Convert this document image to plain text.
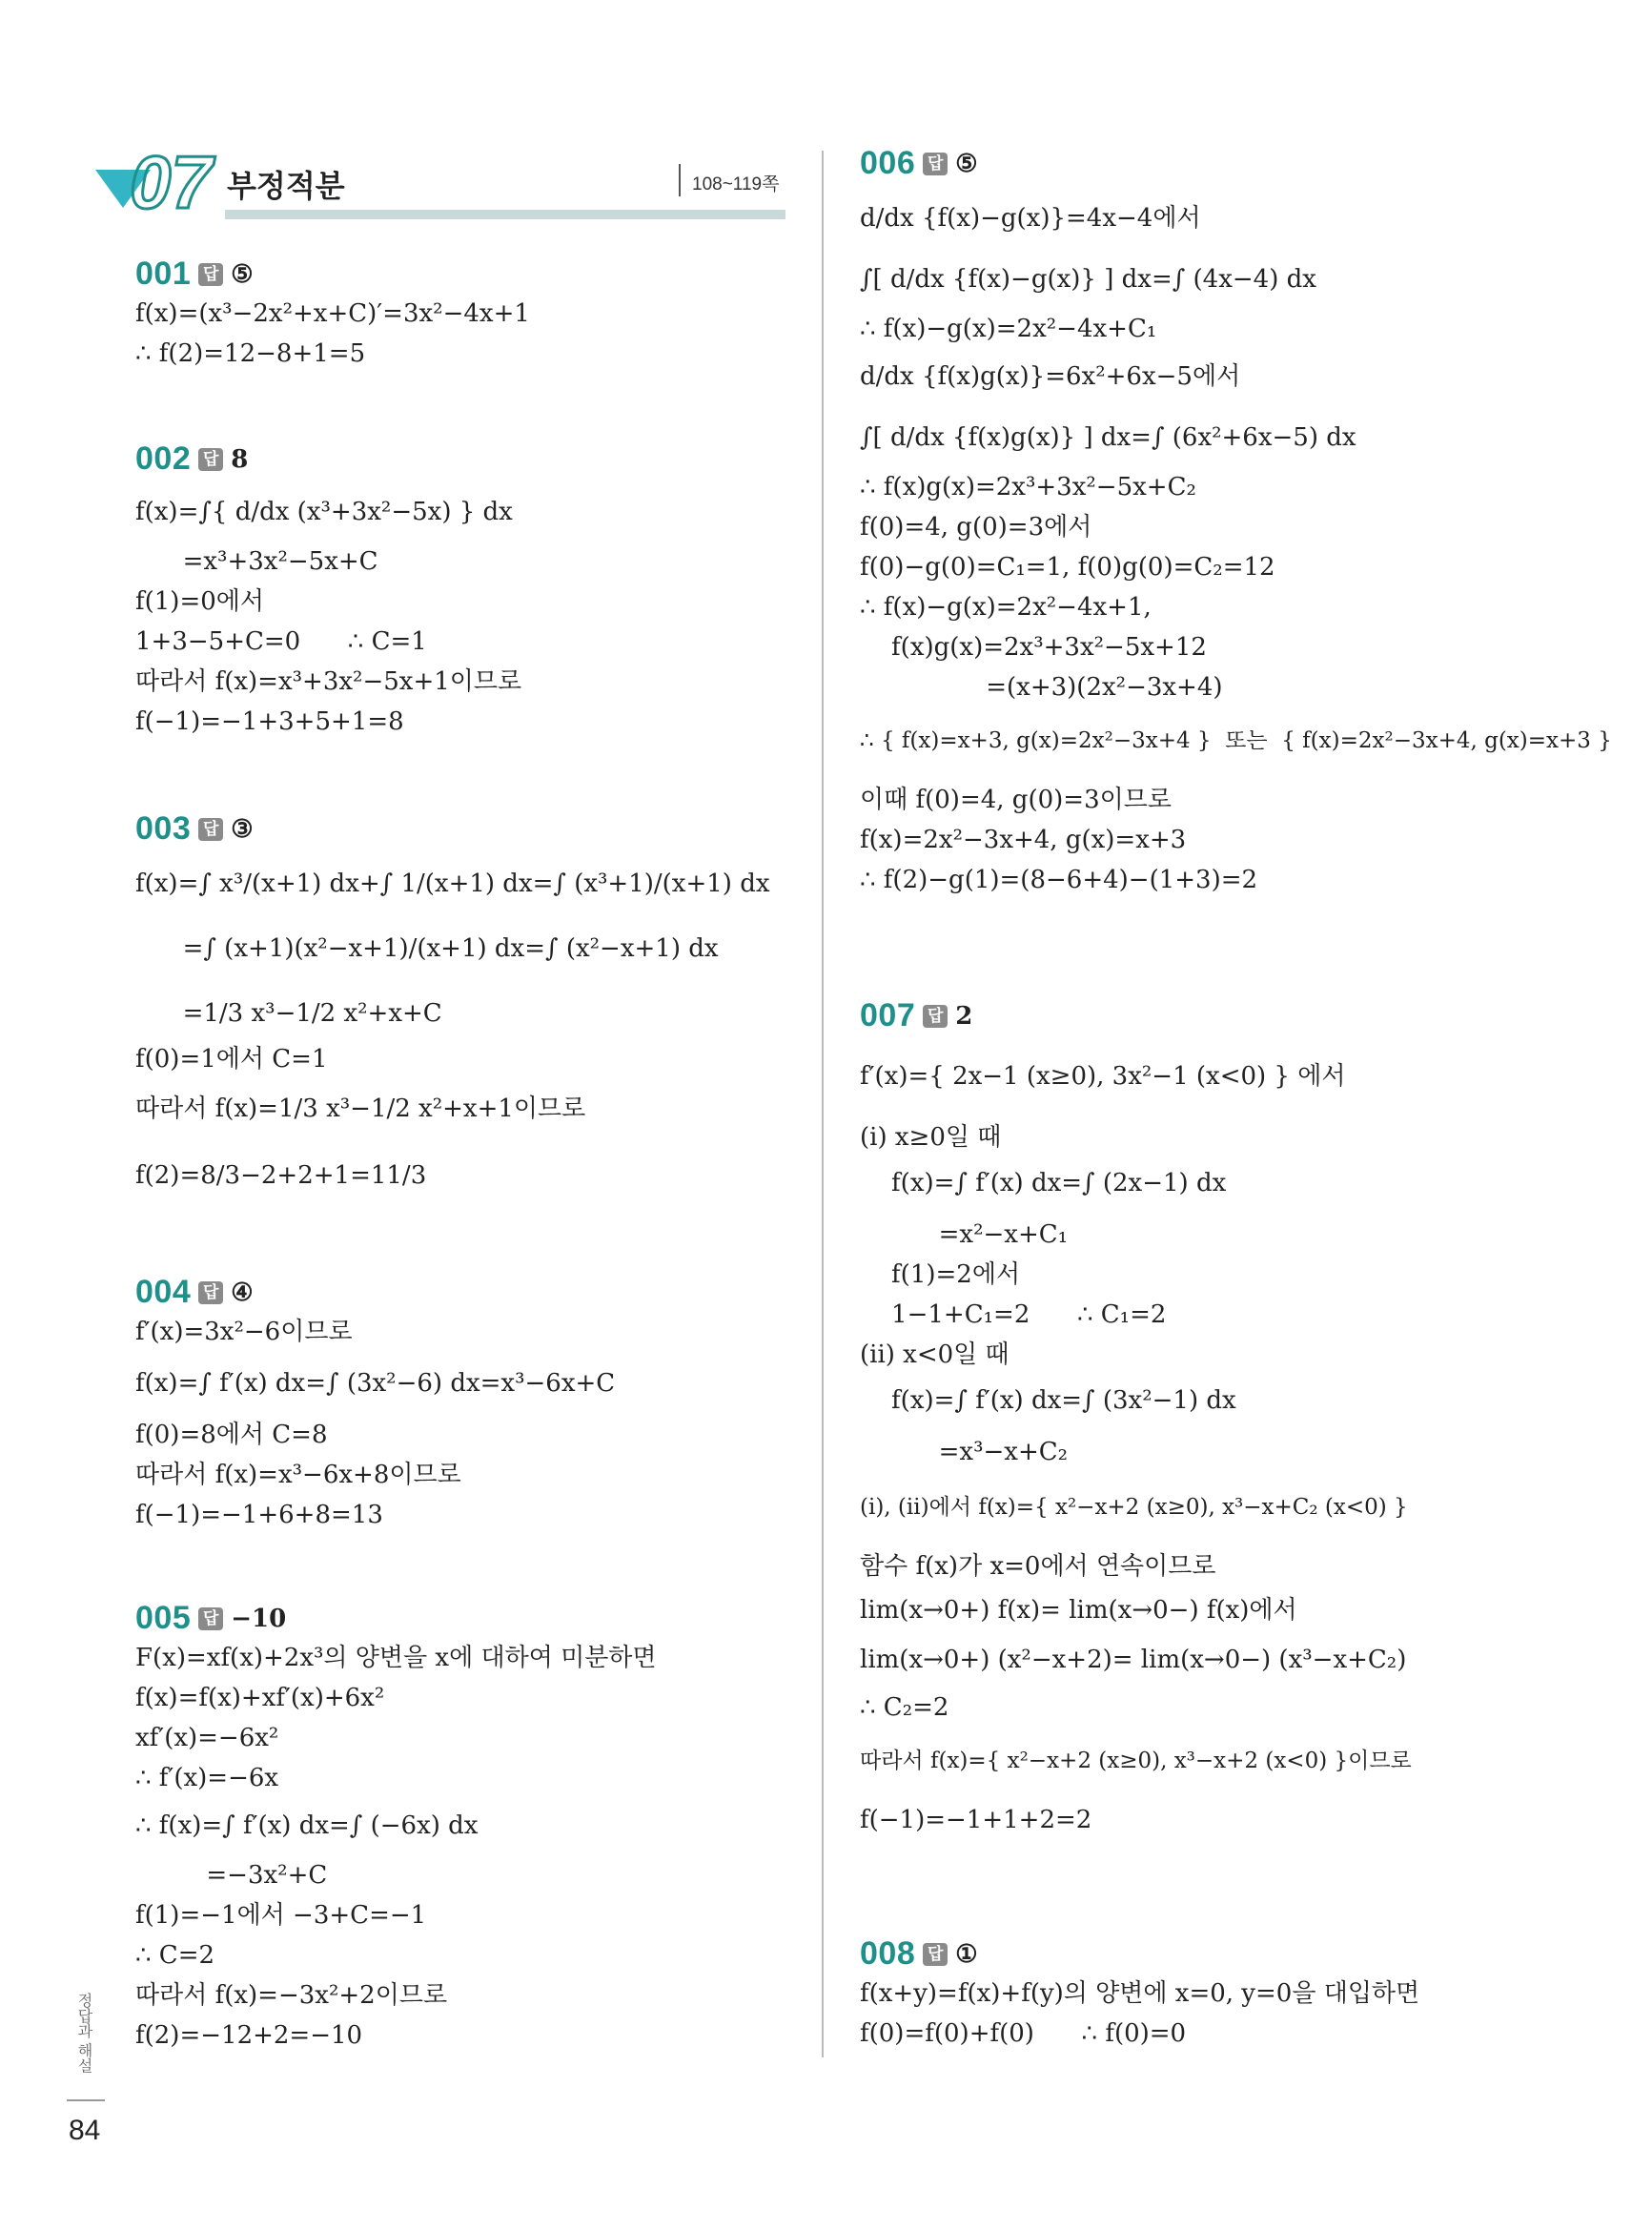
07 부정적분	108~119쪽
001 답 ⑤
f(x)=(x³−2x²+x+C)′=3x²−4x+1
∴ f(2)=12−8+1=5
002 답 8
f(x)=∫{ d/dx (x³+3x²−5x) } dx
=x³+3x²−5x+C
f(1)=0에서
1+3−5+C=0      ∴ C=1
따라서 f(x)=x³+3x²−5x+1이므로
f(−1)=−1+3+5+1=8
003 답 ③
f(x)=∫ x³/(x+1) dx+∫ 1/(x+1) dx=∫ (x³+1)/(x+1) dx
=∫ (x+1)(x²−x+1)/(x+1) dx=∫ (x²−x+1) dx
=1/3 x³−1/2 x²+x+C
f(0)=1에서 C=1
따라서 f(x)=1/3 x³−1/2 x²+x+1이므로
f(2)=8/3−2+2+1=11/3
004 답 ④
f′(x)=3x²−6이므로
f(x)=∫ f′(x) dx=∫ (3x²−6) dx=x³−6x+C
f(0)=8에서 C=8
따라서 f(x)=x³−6x+8이므로
f(−1)=−1+6+8=13
005 답 −10
F(x)=xf(x)+2x³의 양변을 x에 대하여 미분하면
f(x)=f(x)+xf′(x)+6x²
xf′(x)=−6x²
∴ f′(x)=−6x
∴ f(x)=∫ f′(x) dx=∫ (−6x) dx
=−3x²+C
f(1)=−1에서 −3+C=−1
∴ C=2
따라서 f(x)=−3x²+2이므로
f(2)=−12+2=−10
006 답 ⑤
d/dx {f(x)−g(x)}=4x−4에서
∫[ d/dx {f(x)−g(x)} ] dx=∫ (4x−4) dx
∴ f(x)−g(x)=2x²−4x+C₁
d/dx {f(x)g(x)}=6x²+6x−5에서
∫[ d/dx {f(x)g(x)} ] dx=∫ (6x²+6x−5) dx
∴ f(x)g(x)=2x³+3x²−5x+C₂
f(0)=4, g(0)=3에서
f(0)−g(0)=C₁=1, f(0)g(0)=C₂=12
∴ f(x)−g(x)=2x²−4x+1,
f(x)g(x)=2x³+3x²−5x+12
=(x+3)(2x²−3x+4)
∴ { f(x)=x+3, g(x)=2x²−3x+4 }  또는  { f(x)=2x²−3x+4, g(x)=x+3 }
이때 f(0)=4, g(0)=3이므로
f(x)=2x²−3x+4, g(x)=x+3
∴ f(2)−g(1)=(8−6+4)−(1+3)=2
007 답 2
f′(x)={ 2x−1 (x≥0), 3x²−1 (x<0) } 에서
(i) x≥0일 때
f(x)=∫ f′(x) dx=∫ (2x−1) dx
=x²−x+C₁
f(1)=2에서
1−1+C₁=2      ∴ C₁=2
(ii) x<0일 때
f(x)=∫ f′(x) dx=∫ (3x²−1) dx
=x³−x+C₂
(i), (ii)에서 f(x)={ x²−x+2 (x≥0), x³−x+C₂ (x<0) }
함수 f(x)가 x=0에서 연속이므로
lim(x→0+) f(x)= lim(x→0−) f(x)에서
lim(x→0+) (x²−x+2)= lim(x→0−) (x³−x+C₂)
∴ C₂=2
따라서 f(x)={ x²−x+2 (x≥0), x³−x+2 (x<0) }이므로
f(−1)=−1+1+2=2
008 답 ①
f(x+y)=f(x)+f(y)의 양변에 x=0, y=0을 대입하면
f(0)=f(0)+f(0)      ∴ f(0)=0
정답과 해설
84
